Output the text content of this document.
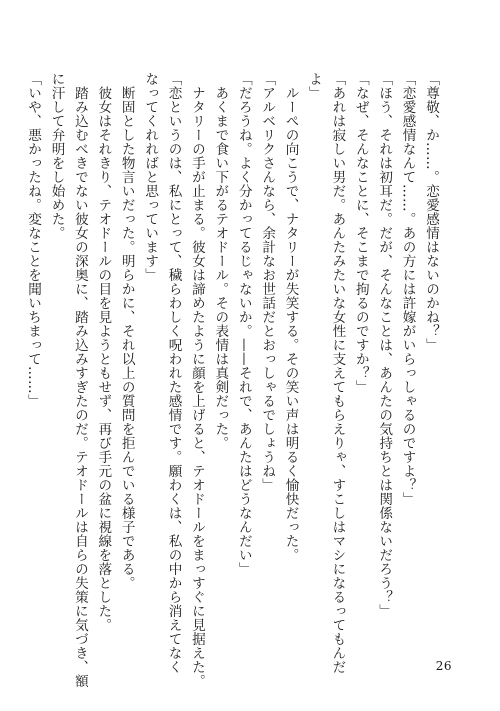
「尊敬、か……。恋愛感情はないのかね？」
「恋愛感情なんて……。あの方には許嫁がいらっしゃるのですよ？」
「ほう、それは初耳だ。だが、そんなことは、あんたの気持ちとは関係ないだろう？」
「なぜ、そんなことに、そこまで拘るのですか？」
「あれは寂しい男だ。あんたみたいな女性に支えてもらえりゃ、すこしはマシになるってもんだ
よ」
ルーぺの向こうで、ナタリーが失笑する。その笑い声は明るく愉快だった。
「アルベリクさんなら、余計なお世話だとおっしゃるでしょうね」
「だろうね。よく分かってるじゃないか。——それで、あんたはどうなんだい」
あくまで食い下がるテオドール。その表情は真剣だった。
ナタリーの手が止まる。彼女は諦めたように顔を上げると、テオドールをまっすぐに見据えた。
「恋というのは、私にとって、穢らわしく呪われた感情です。願わくは、私の中から消えてなく
なってくれればと思っています」
断固とした物言いだった。明らかに、それ以上の質問を拒んでいる様子である。
彼女はそれきり、テオドールの目を見ようともせず、再び手元の盆に視線を落とした。
踏み込むべきでない彼女の深奥に、踏み込みすぎたのだ。テオドールは自らの失策に気づき、額
に汗して弁明をし始めた。
「いや、悪かったね。変なことを聞いちまって……」
26
